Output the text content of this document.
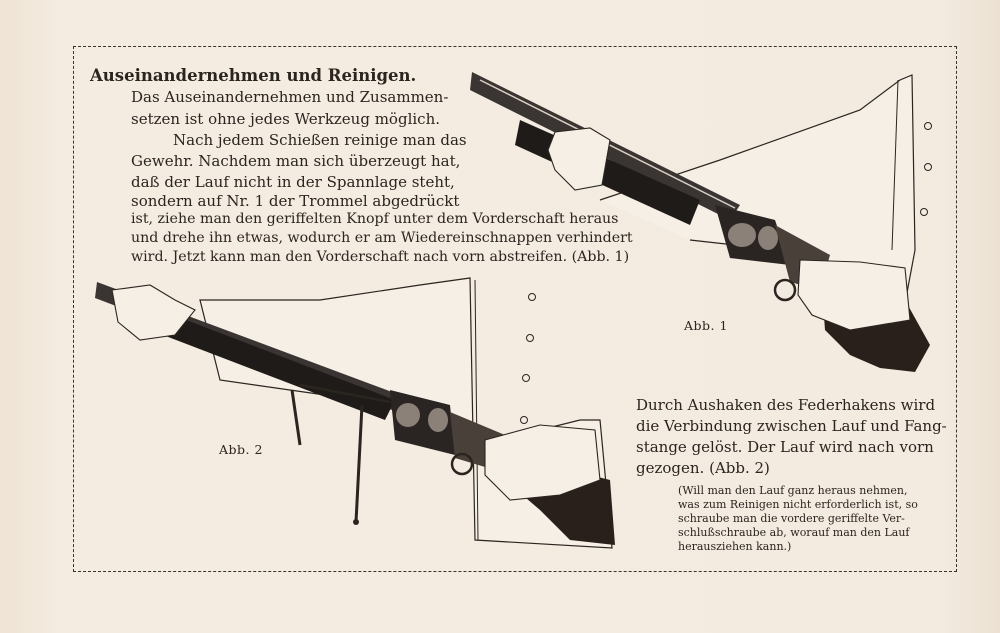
Auseinandernehmen und Reinigen.
Das Auseinandernehmen und Zusammen-
setzen ist ohne jedes Werkzeug möglich.
Nach jedem Schießen reinige man das
Gewehr. Nachdem man sich überzeugt hat,
daß der Lauf nicht in der Spannlage steht,
sondern auf Nr. 1 der Trommel abgedrückt
ist, ziehe man den geriffelten Knopf unter dem Vorderschaft heraus
und drehe ihn etwas, wodurch er am Wiedereinschnappen verhindert
wird. Jetzt kann man den Vorderschaft nach vorn abstreifen. (Abb. 1)
Abb. 1
Abb. 2
Durch Aushaken des Federhakens wird
die Verbindung zwischen Lauf und Fang-
stange gelöst. Der Lauf wird nach vorn
gezogen. (Abb. 2)
(Will man den Lauf ganz heraus nehmen,
was zum Reinigen nicht erforderlich ist, so
schraube man die vordere geriffelte Ver-
schlußschraube ab, worauf man den Lauf
herausziehen kann.)
